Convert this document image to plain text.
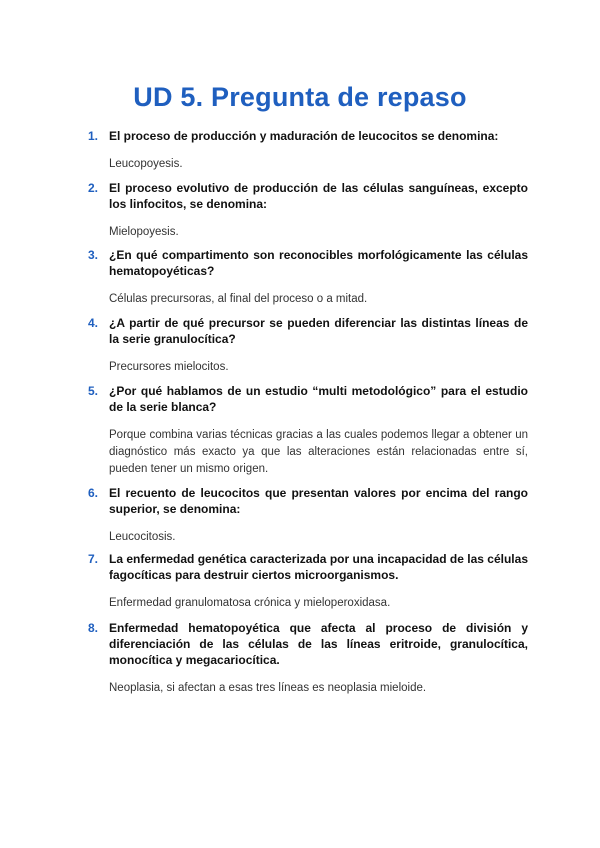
UD 5. Pregunta de repaso
1. El proceso de producción y maduración de leucocitos se denomina:
Leucopoyesis.
2. El proceso evolutivo de producción de las células sanguíneas, excepto los linfocitos, se denomina:
Mielopoyesis.
3. ¿En qué compartimento son reconocibles morfológicamente las células hematopoyéticas?
Células precursoras, al final del proceso o a mitad.
4. ¿A partir de qué precursor se pueden diferenciar las distintas líneas de la serie granulocítica?
Precursores mielocitos.
5. ¿Por qué hablamos de un estudio “multi metodológico” para el estudio de la serie blanca?
Porque combina varias técnicas gracias a las cuales podemos llegar a obtener un diagnóstico más exacto ya que las alteraciones están relacionadas entre sí, pueden tener un mismo origen.
6. El recuento de leucocitos que presentan valores por encima del rango superior, se denomina:
Leucocitosis.
7. La enfermedad genética caracterizada por una incapacidad de las células fagocíticas para destruir ciertos microorganismos.
Enfermedad granulomatosa crónica y mieloperoxidasa.
8. Enfermedad hematopoyética que afecta al proceso de división y diferenciación de las células de las líneas eritroide, granulocítica, monocítica y megacariocítica.
Neoplasia, si afectan a esas tres líneas es neoplasia mieloide.
